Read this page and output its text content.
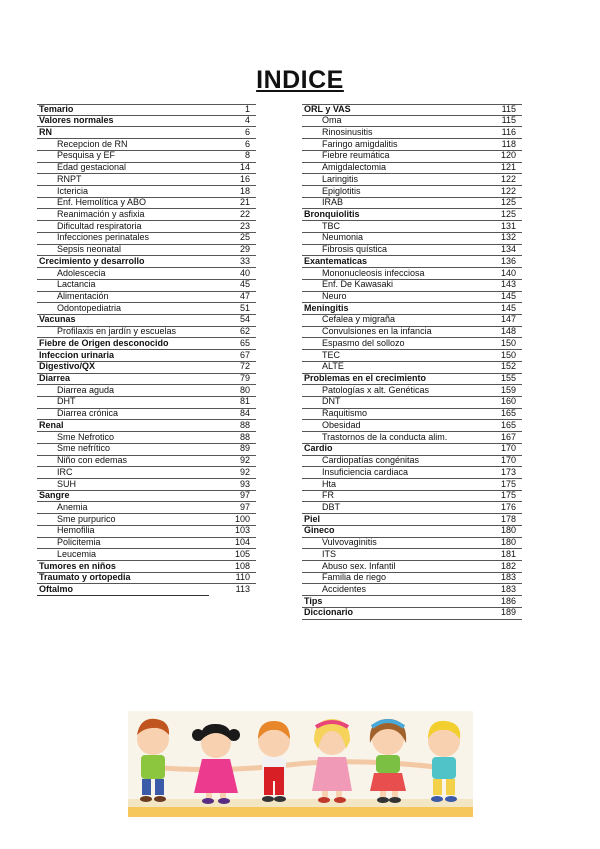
INDICE
Temario	1
Valores normales	4
RN	6
Recepcion de RN	6
Pesquisa y EF	8
Edad gestacional	14
RNPT	16
Ictericia	18
Enf. Hemolítica y ABO	21
Reanimación y asfixia	22
Dificultad respiratoria	23
Infecciones perinatales	25
Sepsis neonatal	29
Crecimiento y desarrollo	33
Adolescecia	40
Lactancia	45
Alimentación	47
Odontopediatria	51
Vacunas	54
Profilaxis en jardín y escuelas	62
Fiebre de Origen desconocido	65
Infeccion urinaria	67
Digestivo/QX	72
Diarrea	79
Diarrea aguda	80
DHT	81
Diarrea crónica	84
Renal	88
Sme Nefrotico	88
Sme nefrítico	89
Niño con edemas	92
IRC	92
SUH	93
Sangre	97
Anemia	97
Sme purpurico	100
Hemofilia	103
Policitemia	104
Leucemia	105
Tumores en niños	108
Traumato y ortopedia	110
Oftalmo	113
ORL y VAS	115
Oma	115
Rinosinusitis	116
Faringo amigdalitis	118
Fiebre reumática	120
Amigdalectomia	121
Laringitis	122
Epiglotitis	122
IRAB	125
Bronquiolitis	125
TBC	131
Neumonia	132
Fibrosis quística	134
Exantematicas	136
Mononucleosis infecciosa	140
Enf. De Kawasaki	143
Neuro	145
Meningitis	145
Cefalea y migraña	147
Convulsiones en la infancia	148
Espasmo del sollozo	150
TEC	150
ALTE	152
Problemas en el crecimiento	155
Patologías x alt. Genéticas	159
DNT	160
Raquitismo	165
Obesidad	165
Trastornos de la conducta alim.	167
Cardio	170
Cardiopatías congénitas	170
Insuficiencia cardiaca	173
Hta	175
FR	175
DBT	176
Piel	178
Gineco	180
Vulvovaginitis	180
ITS	181
Abuso sex. Infantil	182
Familia de riego	183
Accidentes	183
Tips	186
Diccionario	189
